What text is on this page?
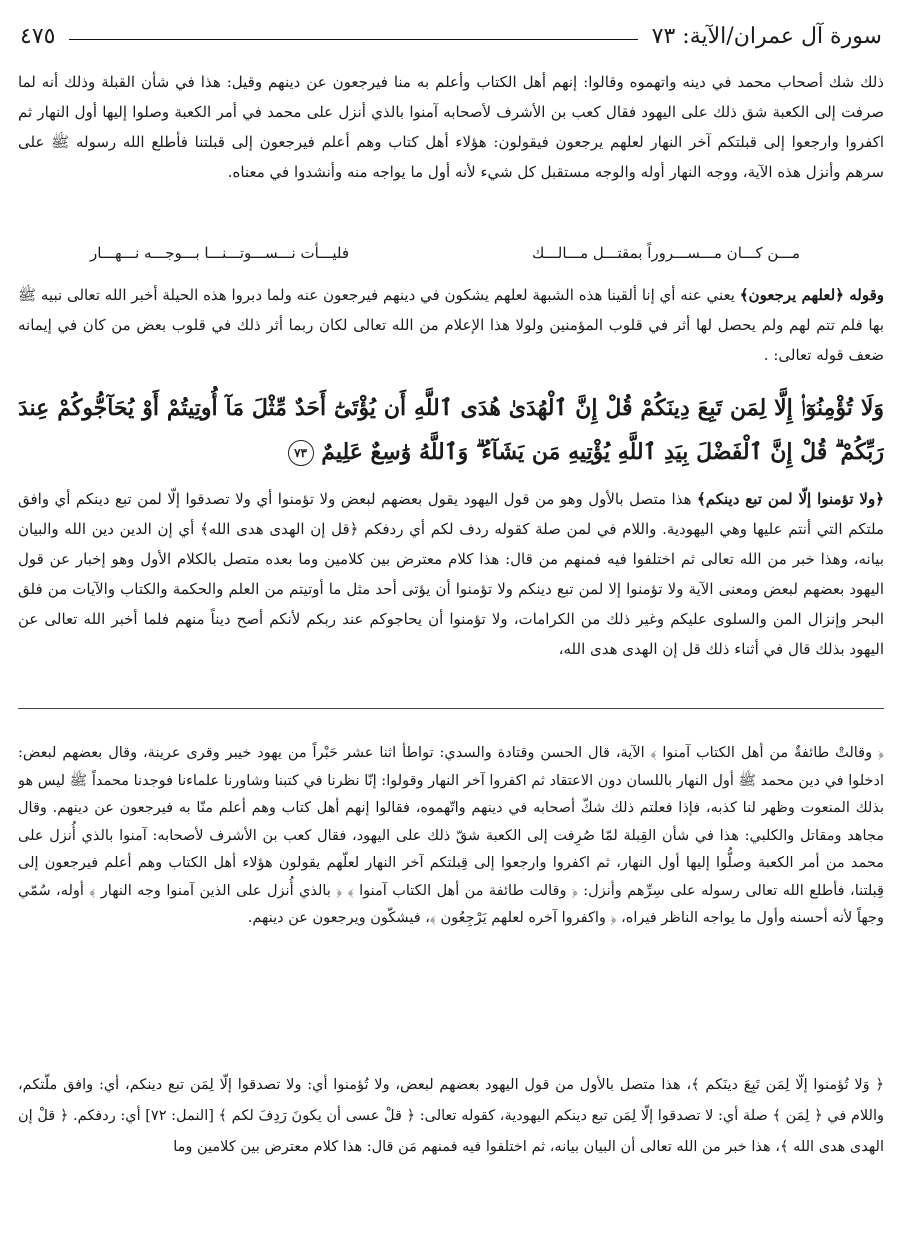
سورة آل عمران/الآية: ٧٣
٤٧٥

ذلك شك أصحاب محمد في دينه واتهموه وقالوا: إنهم أهل الكتاب وأعلم به منا فيرجعون عن دينهم وقيل: هذا في شأن القبلة وذلك أنه لما صرفت إلى الكعبة شق ذلك على اليهود فقال كعب بن الأشرف لأصحابه آمنوا بالذي أنزل على محمد في أمر الكعبة وصلوا إليها أول النهار ثم اكفروا وارجعوا إلى قبلتكم آخر النهار لعلهم يرجعون فيقولون: هؤلاء أهل كتاب وهم أعلم فيرجعون إلى قبلتنا فأطلع الله رسوله ﷺ على سرهم وأنزل هذه الآية، ووجه النهار أوله والوجه مستقبل كل شيء لأنه أول ما يواجه منه وأنشدوا في معناه.

مـــن كـــان مـــســـروراً بمقتـــل مـــالـــك
فليـــأت نـــســـوتـــنـــا بـــوجـــه نـــهـــار

وقوله ﴿لعلهم يرجعون﴾ يعني عنه أي إنا ألقينا هذه الشبهة لعلهم يشكون في دينهم فيرجعون عنه ولما دبروا هذه الحيلة أخبر الله تعالى نبيه ﷺ بها فلم تتم لهم ولم يحصل لها أثر في قلوب المؤمنين ولولا هذا الإعلام من الله تعالى لكان ربما أثر ذلك في قلوب بعض من كان في إيمانه ضعف قوله تعالى: .

وَلَا تُؤْمِنُوٓا۟ إِلَّا لِمَن تَبِعَ دِينَكُمْ قُلْ إِنَّ ٱلْهُدَىٰ هُدَى ٱللَّهِ أَن يُؤْتَىٰٓ أَحَدٌ مِّثْلَ مَآ أُوتِيتُمْ أَوْ يُحَآجُّوكُمْ عِندَ رَبِّكُمْ ۗ قُلْ إِنَّ ٱلْفَضْلَ بِيَدِ ٱللَّهِ يُؤْتِيهِ مَن يَشَآءُ ۗ وَٱللَّهُ وَٰسِعٌ عَلِيمٌ ٧٣

﴿ولا تؤمنوا إلّا لمن تبع دينكم﴾ هذا متصل بالأول وهو من قول اليهود يقول بعضهم لبعض ولا تؤمنوا أي ولا تصدقوا إلّا لمن تبع دينكم أي وافق ملتكم التي أنتم عليها وهي اليهودية. واللام في لمن صلة كقوله ردف لكم أي ردفكم ﴿قل إن الهدى هدى الله﴾ أي إن الدين دين الله والبيان بيانه، وهذا خبر من الله تعالى ثم اختلفوا فيه فمنهم من قال: هذا كلام معترض بين كلامين وما بعده متصل بالكلام الأول وهو إخبار عن قول اليهود بعضهم لبعض ومعنى الآية ولا تؤمنوا إلا لمن تبع دينكم ولا تؤمنوا أن يؤتى أحد مثل ما أوتيتم من العلم والحكمة والكتاب والآيات من فلق البحر وإنزال المن والسلوى عليكم وغير ذلك من الكرامات، ولا تؤمنوا أن يحاجوكم عند ربكم لأنكم أصح ديناً منهم فلما أخبر الله تعالى عن اليهود بذلك قال في أثناء ذلك قل إن الهدى هدى الله،

﴿ وقالتْ طائفةٌ من أهل الكتاب آمنوا ﴾ الآية، قال الحسن وقتادة والسدي: تواطأ اثنا عشر حَبْراً من يهود خيبر وقرى عرينة، وقال بعضهم لبعض: ادخلوا في دين محمد ﷺ أول النهار باللسان دون الاعتقاد ثم اكفروا آخر النهار وقولوا: إنّا نظرنا في كتبنا وشاورنا علماءنا فوجدنا محمداً ﷺ ليس هو بذلك المنعوت وظهر لنا كذبه، فإذا فعلتم ذلك شكّ أصحابه في دينهم واتّهموه، فقالوا إنهم أهل كتاب وهم أعلم منّا به فيرجعون عن دينهم. وقال مجاهد ومقاتل والكلبي: هذا في شأن القِبلة لمّا صُرِفت إلى الكعبة شقّ ذلك على اليهود، فقال كعب بن الأشرف لأصحابه: آمنوا بالذي أُنزل على محمد من أمر الكعبة وصلُّوا إليها أول النهار، ثم اكفروا وارجعوا إلى قِبلتكم آخر النهار لعلّهم يقولون هؤلاء أهل الكتاب وهم أعلم فيرجعون إلى قِبلتنا، فأطلع الله تعالى رسوله على سِرِّهم وأنزل: ﴿ وقالت طائفة من أهل الكتاب آمنوا ﴾ ﴿ بالذي أُنزل على الذين آمنوا وجه النهار ﴾ أوله، سُمّي وجهاً لأنه أحسنه وأول ما يواجه الناظر فيراه، ﴿ واكفروا آخره لعلهم يَرْجِعُون ﴾، فيشكّون ويرجعون عن دينهم.

﴿ وَلا تُؤمنوا إلّا لِمَن تَبِعَ دينَكم ﴾، هذا متصل بالأول من قول اليهود بعضهم لبعض، ولا تُؤمنوا أي: ولا تصدقوا إلّا لِمَن تبع دينكم، أي: وافق ملّتكم، واللام في ﴿ لِمَن ﴾ صلة أي: لا تصدقوا إلّا لِمَن تبع دينكم اليهودية، كقوله تعالى: ﴿ قلْ عسى أن يكونَ رَدِفَ لكم ﴾ [النمل: ٧٢] أي: ردفكم. ﴿ قلْ إن الهدى هدى الله ﴾، هذا خبر من الله تعالى أن البيان بيانه، ثم اختلفوا فيه فمنهم مَن قال: هذا كلام معترض بين كلامين وما
